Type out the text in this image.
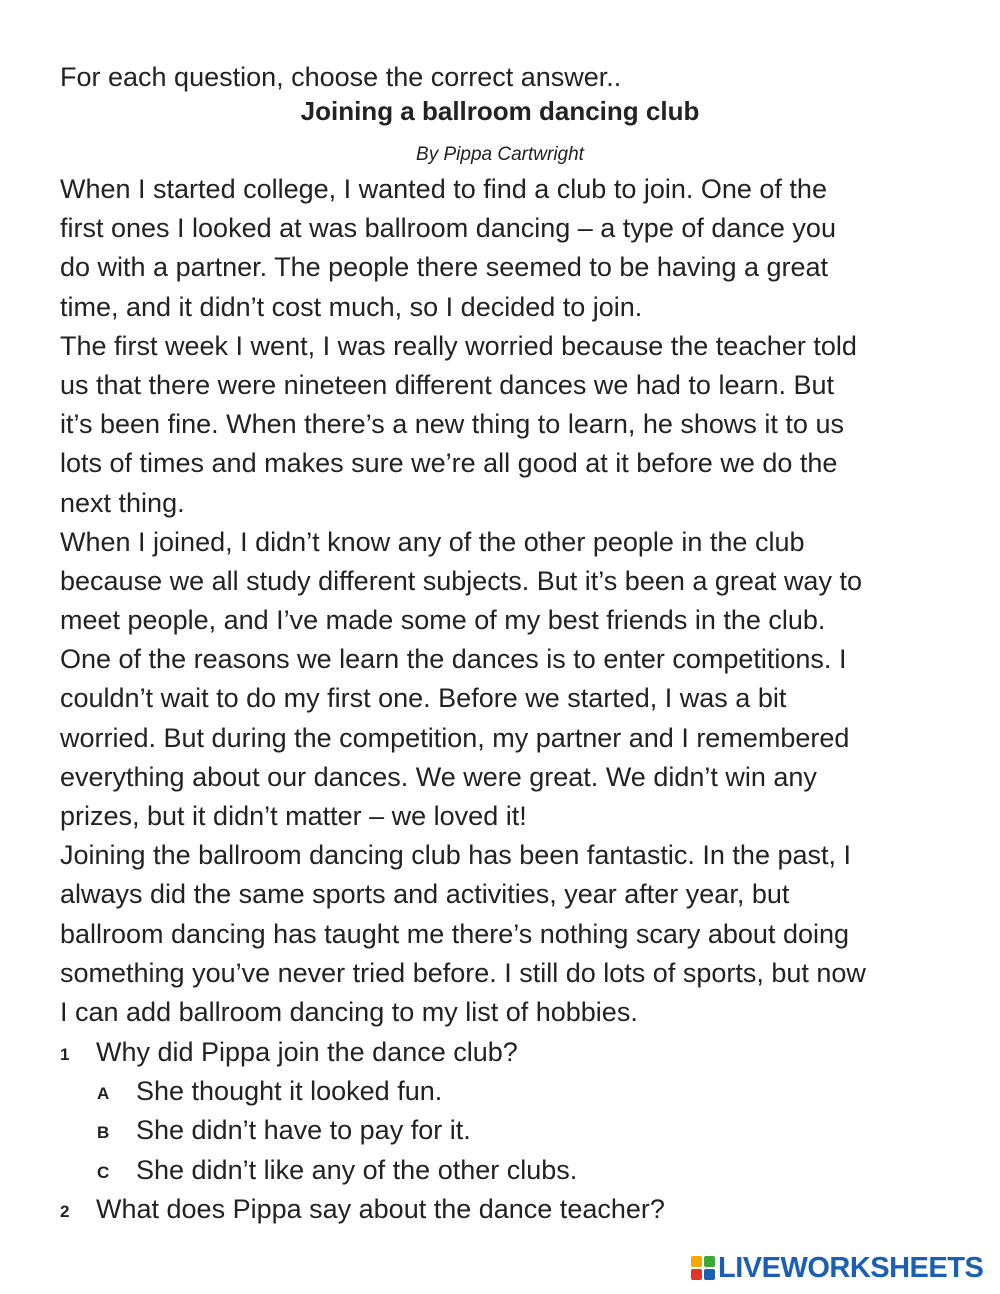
For each question, choose the correct answer..
Joining a ballroom dancing club
By Pippa Cartwright
When I started college, I wanted to find a club to join. One of the
first ones I looked at was ballroom dancing – a type of dance you
do with a partner. The people there seemed to be having a great
time, and it didn’t cost much, so I decided to join.
The first week I went, I was really worried because the teacher told
us that there were nineteen different dances we had to learn. But
it’s been fine. When there’s a new thing to learn, he shows it to us
lots of times and makes sure we’re all good at it before we do the
next thing.
When I joined, I didn’t know any of the other people in the club
because we all study different subjects. But it’s been a great way to
meet people, and I’ve made some of my best friends in the club.
One of the reasons we learn the dances is to enter competitions. I
couldn’t wait to do my first one. Before we started, I was a bit
worried. But during the competition, my partner and I remembered
everything about our dances. We were great. We didn’t win any
prizes, but it didn’t matter – we loved it!
Joining the ballroom dancing club has been fantastic. In the past, I
always did the same sports and activities, year after year, but
ballroom dancing has taught me there’s nothing scary about doing
something you’ve never tried before. I still do lots of sports, but now
I can add ballroom dancing to my list of hobbies.
1 Why did Pippa join the dance club?
A She thought it looked fun.
B She didn’t have to pay for it.
C She didn’t like any of the other clubs.
2 What does Pippa say about the dance teacher?
LIVEWORKSHEETS
